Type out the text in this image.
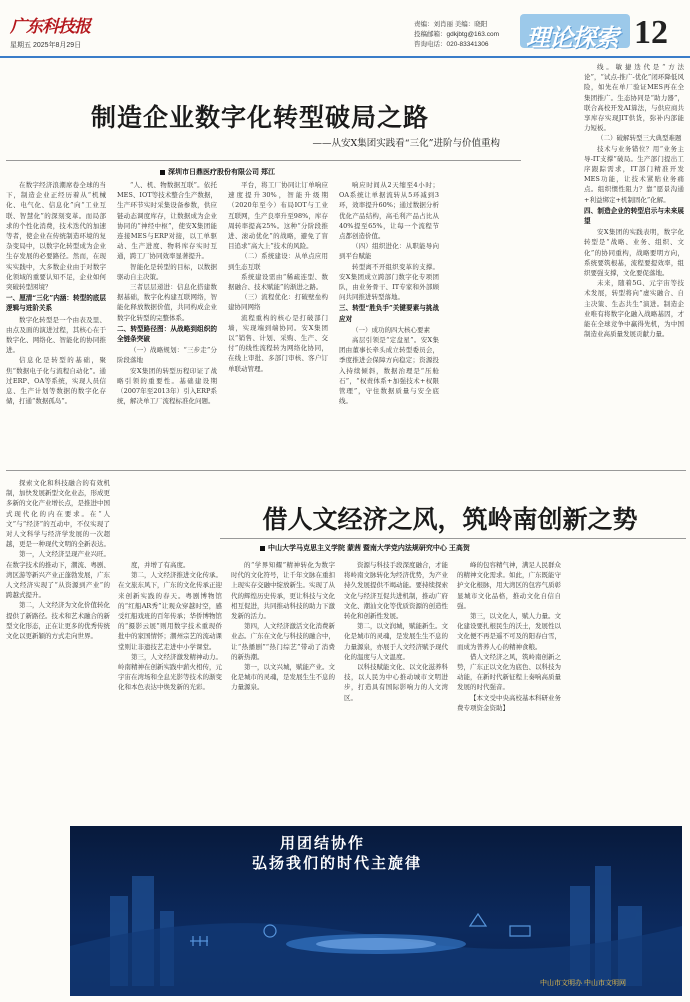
广东科技报
星期五 2025年8月29日
责编：刘肖丽 美编：晓阳
投稿邮箱：gdkjbtg@163.com
咨询电话：020-83341306	理论探索 12
制造企业数字化转型破局之路
——从安X集团实践看“三化”进阶与价值重构
深圳市日鼎医疗股份有限公司 郑江

在数字经济浪潮席卷全球的当下，制造企业正经历着从“机械化、电气化、信息化”向“工业互联、智慧化”的深刻变革。而局部求的个性化消费，技术迭代的加速等者，使企业在传统制造环境的复杂变局中，以数字化转型成为企业生存发展的必要路径。然而，在现实实践中，大多数企业由于对数字化领域的重要认知不足，企业如何突破转型困境？

一、厘清“三化”内涵：转型的底层逻辑与进阶关系

数字化转型是一个由表及里、由点及面的演进过程，其核心在于数字化、网络化、智能化的协同推进。

信息化是转型的基础，聚焦“数据电子化与流程自动化”。通过ERP、OA等系统，实现人员信息、生产计划等数据的数字化存储，打通“数据孤岛”。

“人、机、物数据互联”。依托MES、IOT等技术整合生产数据，生产环节实时采集设备参数，供应链动态调度库存，让数据成为企业协同的“神经中枢”，使安X集团能连接MES与ERP对接，以工单驱动、生产进度、物料库存实时互通，跨工厂协同效率显著提升。

智能化是转型的目标，以数据驱动自主决策。

三者层层递进：信息化搭建数据基础，数字化构建互联网络，智能化释放数据价值，共同构成企业数字化转型的完整体系。

二、转型路径图：从战略到组织的全链条突破

（一）战略规划：“三步走”分阶段落地

安X集团的转型历程印证了战略引领的重要性。基础建设期（2007年至2013年）引入ERP系统，解决单工厂流程标准化问题。

平台，将工厂协同让订单响应速度提升30%，智能升级期（2020年至今）布局IOT与工业互联网，生产良率升至98%，库存周转率提高25%。这种“分阶段推进、滚动优化”的战略，避免了盲目追求“高大上”技术的风险。

（二）系统建设：从单点应用到生态互联

系统建设需由“稀疏连型、数据融合、技术赋能”的渐进之路。

（三）流程优化：打破壁垒构建协同网络

流程重构的核心是打破部门墙，实现端到端协同。安X集团以“销售、计划、采购、生产、交付”的线性流程转为网络化协同，在线上审批、多部门审核、客户订单联动管理。

响应时间从2天缩至4小时；OA系统让单据流转从5环减到3环，效率提升60%；通过数据分析优化产品结构，高毛利产品占比从40%提至65%，让每一个流程节点都创造价值。

（四）组织进化：从职能导向到平台赋能

转型离不开组织变革的支撑。安X集团成立跨部门数字化专项团队，由业务骨干、IT专家和外部顾问共同推进转型落地。

三、转型“胜负手”关键要素与挑战应对

（一）成功的四大核心要素

高层引领是“定盘星”。安X集团由董事长牵头成立转型委员会，季度推进会保障方向稳定；资源投入持续倾斜，数据治理是“压舱石”，“权责体系+加强技术+权限管理”，守住数据质量与安全底线。

线。敏捷迭代是“方法论”，“试点-推广-优化”闭环降低风险，如先在单厂验证MES再在全集团推广。生态协同是“助力器”，联合高校开发AI算法，与供应商共享库存实现JIT供货，弥补内部能力短板。

（二）破解转型三大典型难题

技术与业务错位？用“业务主导-IT支撑”破局。生产部门提出工序跟踪需求，IT部门精准开发MES功能，让技术紧贴业务痛点。组织惯性阻力？靠“愿景沟通+利益绑定+机制固化”化解。

四、制造企业的转型启示与未来展望

安X集团的实践表明，数字化转型是“战略、业务、组织、文化”的协同重构，战略要明方向，系统要筑根基，流程要提效率，组织要强支撑，文化要促落地。

未来，随着5G、元宇宙等技术发展，转型将向“虚实融合、自主决策、生态共生”演进。制造企业唯有将数字化融入战略基因，才能在全球竞争中赢得先机，为中国制造业高质量发展贡献力量。

借人文经济之风，筑岭南创新之势
中山大学马克思主义学院 蒙茜 暨南大学党内法规研究中心 王高贺

探索文化和科技融合的有效机制，加快发展新型文化业态，形成更多新的文化产业增长点，是推进中国式现代化的内在要求。在“人文”与“经济”的互动中，不仅实现了对人文科学与经济学发展的一次超越，更是一种现代文明的全新表达。

第一，人文经济呈现产业兴旺。在数字技术的推动下，潮流、粤剧、湾区游等新兴产业正蓬勃发展，广东人文经济实现了“从资源到产业”的跨越式提升。

第二，人文经济为文化价值转化提供了新路径。技术和艺术融合的新型文化形态，正在让更多的优秀传统文化以更新颖的方式走向世界。

度，并增了有高度。

第二，人文经济推进文化传承。在文旅东风下，广东的文化传承正迎来创新实践的春天。粤剧博物馆的“红船AR秀”让观众穿越时空，感受红船戏班的百年传承；华侨博物馆的“摄影云展”则用数字技术重现侨批中的家国情怀；潮州宗艺的流动课堂则让非遗技艺走进中小学课堂。

第三，人文经济激发精神动力。岭南精神在创新实践中薪火相传，元宇宙在湾场和全息光影等技术的渐变化和本色表达中焕发新的光彩。

的“学界知耀”精神转化为数字时代的文化符号，让千年文脉在重扣上现实存交融中绽放新生。实现了从代的辉煌历史传承，更让科技与文化相互促进，共同推动科技的助力下激发新的活力。

第四，人文经济激活文化消费新业态。广东在文化与科技的融合中，让“热播剧”“热门综艺”带动了消费的新热潮。

第一，以文兴城，赋能产业。文化是城市的灵魂，是发展生生不息的力量源泉。

资源与科技手段深度融合，才能将岭南文脉转化为经济优势，为产业持久发展提供不竭动能。要持续探索文化与经济互促共进机制，推动广府文化、潮汕文化等优质资源的创造性转化和创新性发展。

第二，以文润城，赋能新生。文化是城市的灵魂，是发展生生不息的力量源泉，亦展于人文经济赋予现代化的温度与人文温度。

以科技赋能文化、以文化滋养科技，以人民为中心推动城市文明进步，打造具有国际影响力的人文湾区。

峰的包容精气神，满足人民群众的精神文化需求。如此，广东既能守护文化根脉，用大湾区的包容气质彰显城市文化品格，推动文化自信自强。

第三，以文化人，赋人力量。文化建设要扎根民生的沃土，发展性以文化便不再是遥不可及的阳春白雪，而成为普养人心的精神食粮。

借人文经济之风，筑岭南创新之势，广东正以文化为底色、以科技为动能，在新时代新征程上奏响高质量发展的时代强音。

【本文受中央高校基本科研业务费专项资金资助】

用团结协作
弘扬我们的时代主旋律
中山市文明办 中山市文明网
